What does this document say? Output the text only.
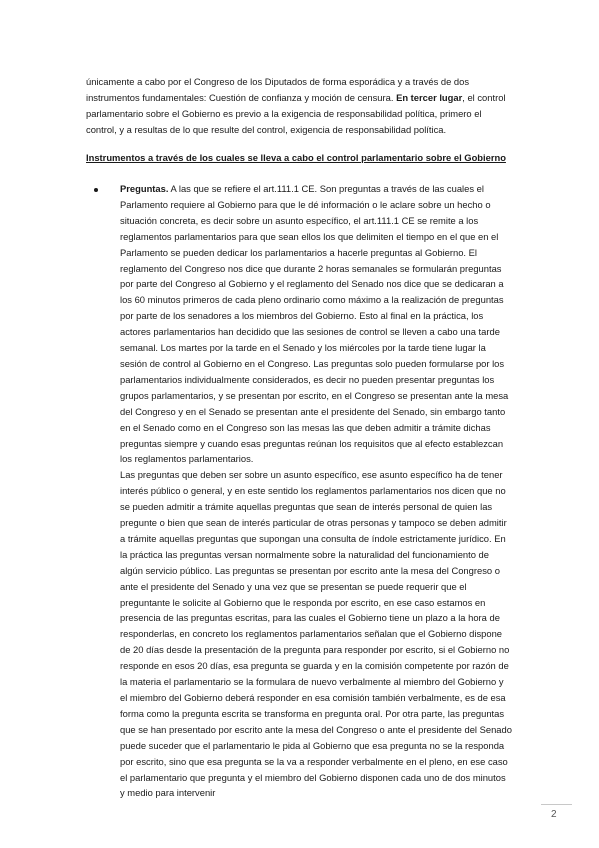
únicamente a cabo por el Congreso de los Diputados de forma esporádica y a través de dos instrumentos fundamentales: Cuestión de confianza y moción de censura. En tercer lugar, el control parlamentario sobre el Gobierno es previo a la exigencia de responsabilidad política, primero el control, y a resultas de lo que resulte del control, exigencia de responsabilidad política.

Instrumentos a través de los cuales se lleva a cabo el control parlamentario sobre el Gobierno

Preguntas. A las que se refiere el art.111.1 CE. Son preguntas a través de las cuales el Parlamento requiere al Gobierno para que le dé información o le aclare sobre un hecho o situación concreta, es decir sobre un asunto específico, el art.111.1 CE se remite a los reglamentos parlamentarios para que sean ellos los que delimiten el tiempo en el que en el Parlamento se pueden dedicar los parlamentarios a hacerle preguntas al Gobierno. El reglamento del Congreso nos dice que durante 2 horas semanales se formularán preguntas por parte del Congreso al Gobierno y el reglamento del Senado nos dice que se dedicaran a los 60 minutos primeros de cada pleno ordinario como máximo a la realización de preguntas por parte de los senadores a los miembros del Gobierno. Esto al final en la práctica, los actores parlamentarios han decidido que las sesiones de control se lleven a cabo una tarde semanal. Los martes por la tarde en el Senado y los miércoles por la tarde tiene lugar la sesión de control al Gobierno en el Congreso. Las preguntas solo pueden formularse por los parlamentarios individualmente considerados, es decir no pueden presentar preguntas los grupos parlamentarios, y se presentan por escrito, en el Congreso se presentan ante la mesa del Congreso y en el Senado se presentan ante el presidente del Senado, sin embargo tanto en el Senado como en el Congreso son las mesas las que deben admitir a trámite dichas preguntas siempre y cuando esas preguntas reúnan los requisitos que al efecto establezcan los reglamentos parlamentarios.
Las preguntas que deben ser sobre un asunto específico, ese asunto específico ha de tener interés público o general, y en este sentido los reglamentos parlamentarios nos dicen que no se pueden admitir a trámite aquellas preguntas que sean de interés personal de quien las pregunte o bien que sean de interés particular de otras personas y tampoco se deben admitir a trámite aquellas preguntas que supongan una consulta de índole estrictamente jurídico. En la práctica las preguntas versan normalmente sobre la naturalidad del funcionamiento de algún servicio público. Las preguntas se presentan por escrito ante la mesa del Congreso o ante el presidente del Senado y una vez que se presentan se puede requerir que el preguntante le solicite al Gobierno que le responda por escrito, en ese caso estamos en presencia de las preguntas escritas, para las cuales el Gobierno tiene un plazo a la hora de responderlas, en concreto los reglamentos parlamentarios señalan que el Gobierno dispone de 20 días desde la presentación de la pregunta para responder por escrito, si el Gobierno no responde en esos 20 días, esa pregunta se guarda y en la comisión competente por razón de la materia el parlamentario se la formulara de nuevo verbalmente al miembro del Gobierno y el miembro del Gobierno deberá responder en esa comisión también verbalmente, es de esa forma como la pregunta escrita se transforma en pregunta oral. Por otra parte, las preguntas que se han presentado por escrito ante la mesa del Congreso o ante el presidente del Senado puede suceder que el parlamentario le pida al Gobierno que esa pregunta no se la responda por escrito, sino que esa pregunta se la va a responder verbalmente en el pleno, en ese caso el parlamentario que pregunta y el miembro del Gobierno disponen cada uno de dos minutos y medio para intervenir

2
